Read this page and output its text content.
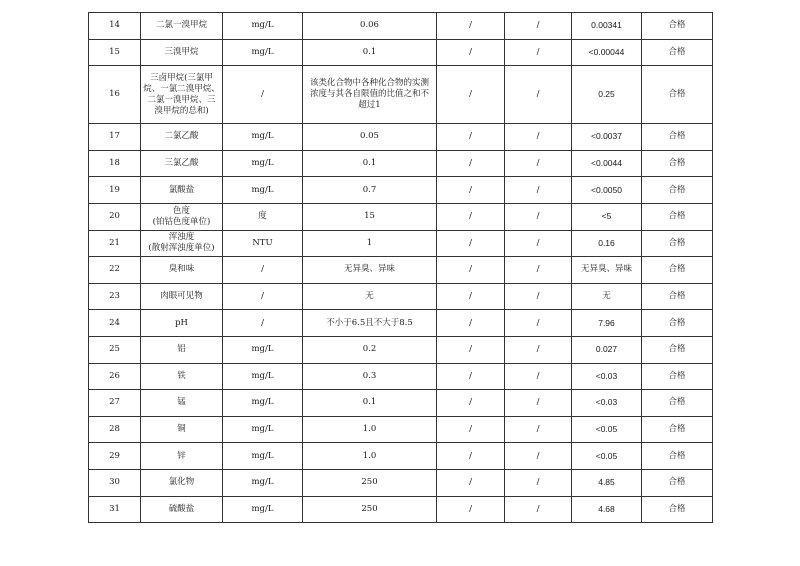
14	二氯一溴甲烷	mg/L	0.06	/	/	0.00341	合格
15	三溴甲烷	mg/L	0.1	/	/	<0.00044	合格
16	三卤甲烷(三氯甲
烷、一氯二溴甲烷、
二氯一溴甲烷、三
溴甲烷的总和)	/	该类化合物中各种化合物的实测
浓度与其各自限值的比值之和不
超过1	/	/	0.25	合格
17	二氯乙酸	mg/L	0.05	/	/	<0.0037	合格
18	三氯乙酸	mg/L	0.1	/	/	<0.0044	合格
19	氯酸盐	mg/L	0.7	/	/	<0.0050	合格
20	色度
(铂钴色度单位)	度	15	/	/	<5	合格
21	浑浊度
(散射浑浊度单位)	NTU	1	/	/	0.16	合格
22	臭和味	/	无异臭、异味	/	/	无异臭、异味	合格
23	肉眼可见物	/	无	/	/	无	合格
24	pH	/	不小于6.5且不大于8.5	/	/	7.96	合格
25	铝	mg/L	0.2	/	/	0.027	合格
26	铁	mg/L	0.3	/	/	<0.03	合格
27	锰	mg/L	0.1	/	/	<0.03	合格
28	铜	mg/L	1.0	/	/	<0.05	合格
29	锌	mg/L	1.0	/	/	<0.05	合格
30	氯化物	mg/L	250	/	/	4.85	合格
31	硫酸盐	mg/L	250	/	/	4.68	合格
